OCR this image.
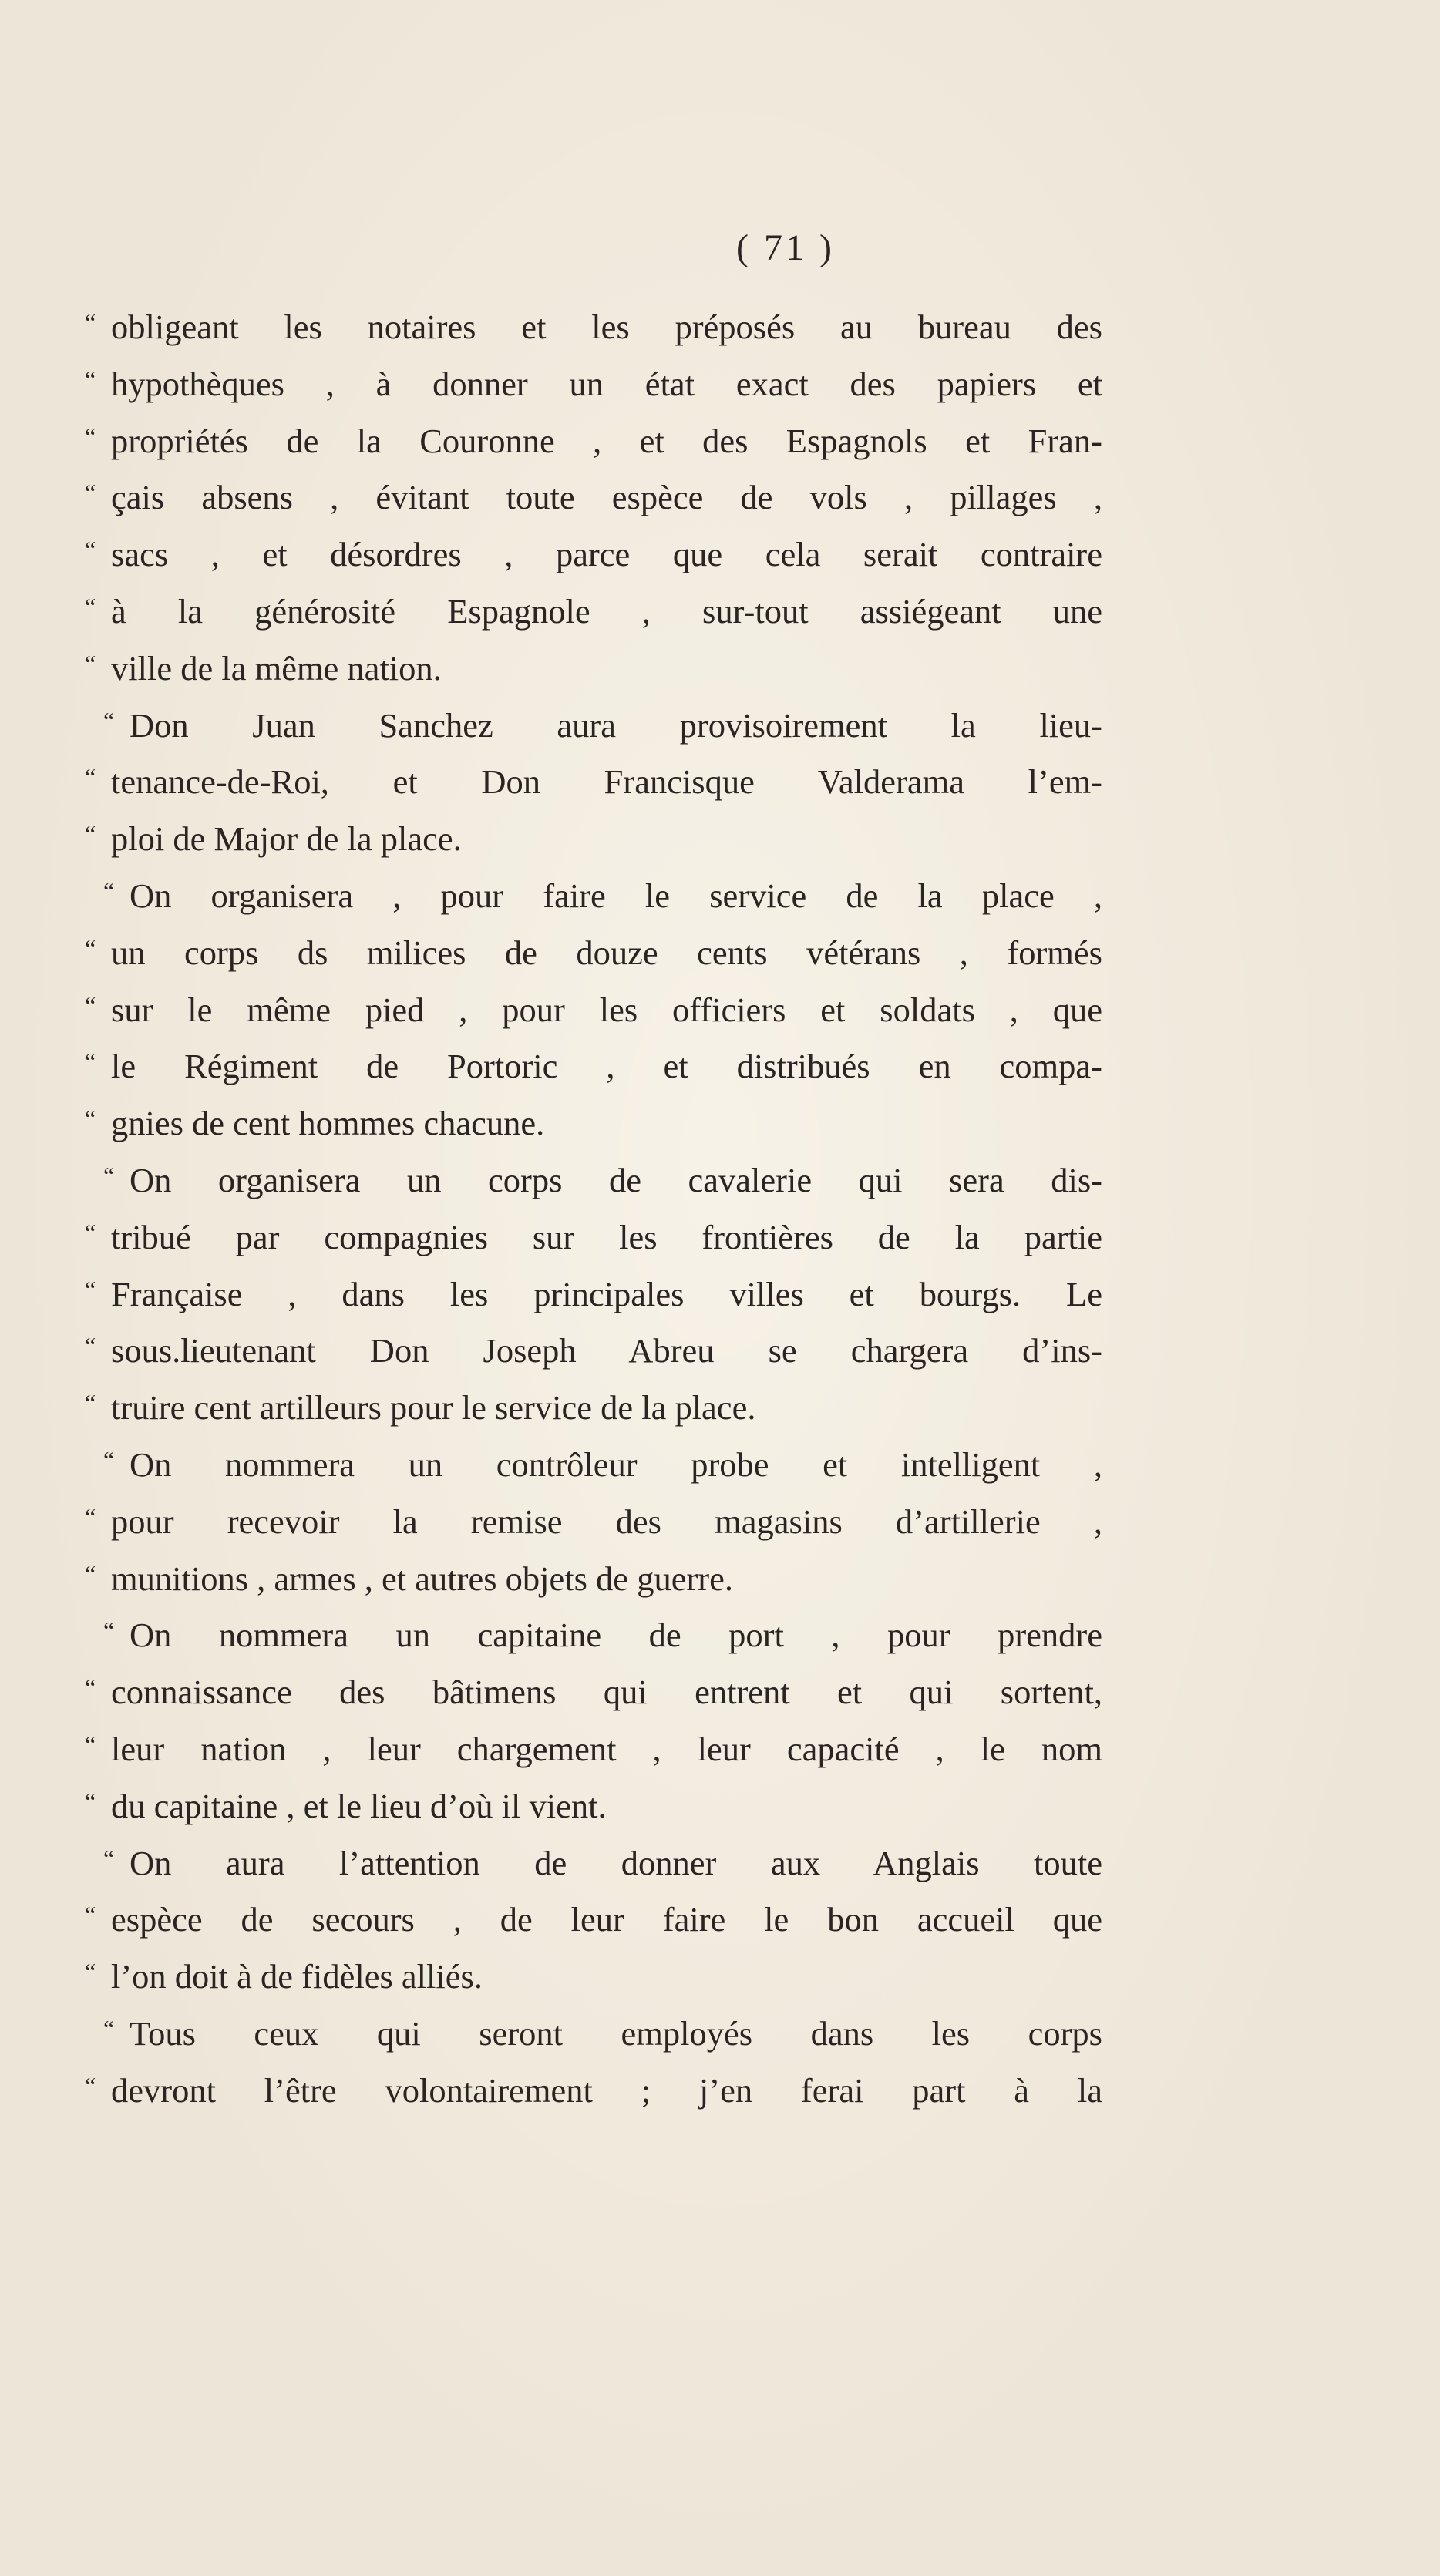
( 71 )
“ obligeant les notaires et les préposés au bureau des
“ hypothèques , à donner un état exact des papiers et
“ propriétés de la Couronne , et des Espagnols et Fran-
“ çais absens , évitant toute espèce de vols , pillages ,
“ sacs , et désordres , parce que cela serait contraire
“ à la générosité Espagnole , sur-tout assiégeant une
“ ville de la même nation.
“ Don Juan Sanchez aura provisoirement la lieu-
“ tenance-de-Roi, et Don Francisque Valderama l’em-
“ ploi de Major de la place.
“ On organisera , pour faire le service de la place ,
“ un corps ds milices de douze cents vétérans , formés
“ sur le même pied , pour les officiers et soldats , que
“ le Régiment de Portoric , et distribués en compa-
“ gnies de cent hommes chacune.
“ On organisera un corps de cavalerie qui sera dis-
“ tribué par compagnies sur les frontières de la partie
“ Française , dans les principales villes et bourgs. Le
“ sous.lieutenant Don Joseph Abreu se chargera d’ins-
“ truire cent artilleurs pour le service de la place.
“ On nommera un contrôleur probe et intelligent ,
“ pour recevoir la remise des magasins d’artillerie ,
“ munitions , armes , et autres objets de guerre.
“ On nommera un capitaine de port , pour prendre
“ connaissance des bâtimens qui entrent et qui sortent,
“ leur nation , leur chargement , leur capacité , le nom
“ du capitaine , et le lieu d’où il vient.
“ On aura l’attention de donner aux Anglais toute
“ espèce de secours , de leur faire le bon accueil que
“ l’on doit à de fidèles alliés.
“ Tous ceux qui seront employés dans les corps
“ devront l’être volontairement ; j’en ferai part à la
